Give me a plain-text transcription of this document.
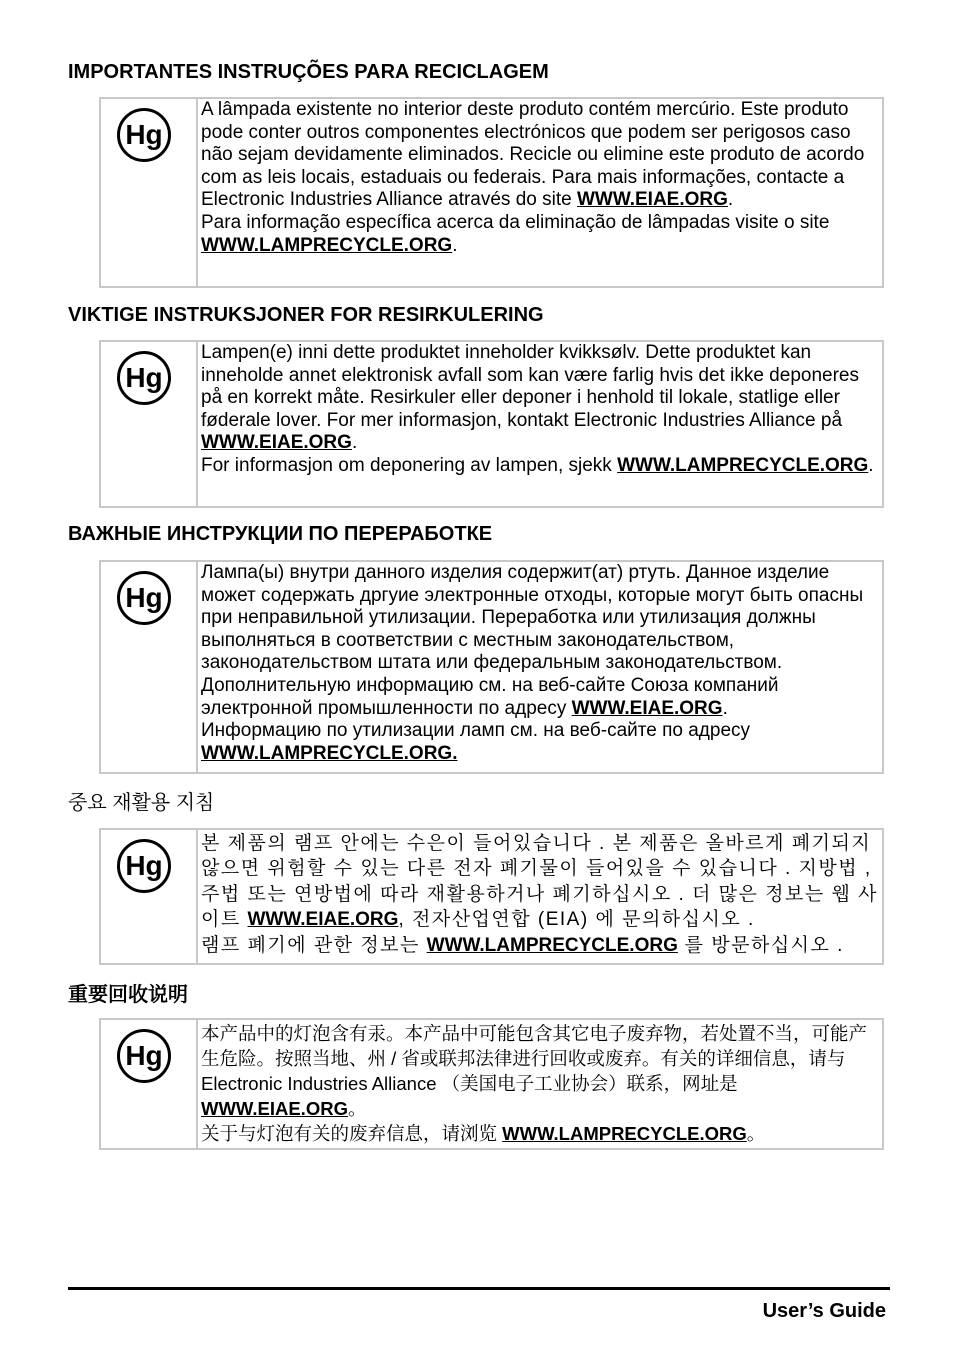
IMPORTANTES INSTRUÇÕES PARA RECICLAGEM
Hg

A lâmpada existente no interior deste produto contém mercúrio. Este produto pode conter outros componentes electrónicos que podem ser perigosos caso não sejam devidamente eliminados. Recicle ou elimine este produto de acordo com as leis locais, estaduais ou federais. Para mais informações, contacte a Electronic Industries Alliance através do site WWW.EIAE.ORG.

Para informação específica acerca da eliminação de lâmpadas visite o site WWW.LAMPRECYCLE.ORG.

VIKTIGE INSTRUKSJONER FOR RESIRKULERING
Hg

Lampen(e) inni dette produktet inneholder kvikksølv. Dette produktet kan inneholde annet elektronisk avfall som kan være farlig hvis det ikke deponeres på en korrekt måte. Resirkuler eller deponer i henhold til lokale, statlige eller føderale lover. For mer informasjon, kontakt Electronic Industries Alliance på WWW.EIAE.ORG.

For informasjon om deponering av lampen, sjekk WWW.LAMPRECYCLE.ORG.

ВАЖНЫЕ ИНСТРУКЦИИ ПО ПЕРЕРАБОТКЕ
Hg

Лампа(ы) внутри данного изделия содержит(ат) ртуть. Данное изделие может содержать дргуие электронные отходы, которые могут быть опасны при неправильной утилизации. Переработка или утилизация должны выполняться в соответствии с местным законодательством, законодательством штата или федеральным законодательством. Дополнительную информацию см. на веб-сайте Союза компаний электронной промышленности по адресу WWW.EIAE.ORG.

Информацию по утилизации ламп см. на веб-сайте по адресу WWW.LAMPRECYCLE.ORG.

중요 재활용 지침
Hg

본 제품의 램프 안에는 수은이 들어있습니다 . 본 제품은 올바르게 폐기되지 않으면 위험할 수 있는 다른 전자 폐기물이 들어있을 수 있습니다 . 지방법 , 주법 또는 연방법에 따라 재활용하거나 폐기하십시오 . 더 많은 정보는 웹 사이트 WWW.EIAE.ORG, 전자산업연합 (EIA) 에 문의하십시오 .

램프 폐기에 관한 정보는 WWW.LAMPRECYCLE.ORG 를 방문하십시오 .

重要回收说明
Hg

本产品中的灯泡含有汞。本产品中可能包含其它电子废弃物，若处置不当，可能产生危险。按照当地、州 / 省或联邦法律进行回收或废弃。有关的详细信息，请与 Electronic Industries Alliance （美国电子工业协会）联系，网址是 WWW.EIAE.ORG。

关于与灯泡有关的废弃信息，请浏览 WWW.LAMPRECYCLE.ORG。

User’s Guide
